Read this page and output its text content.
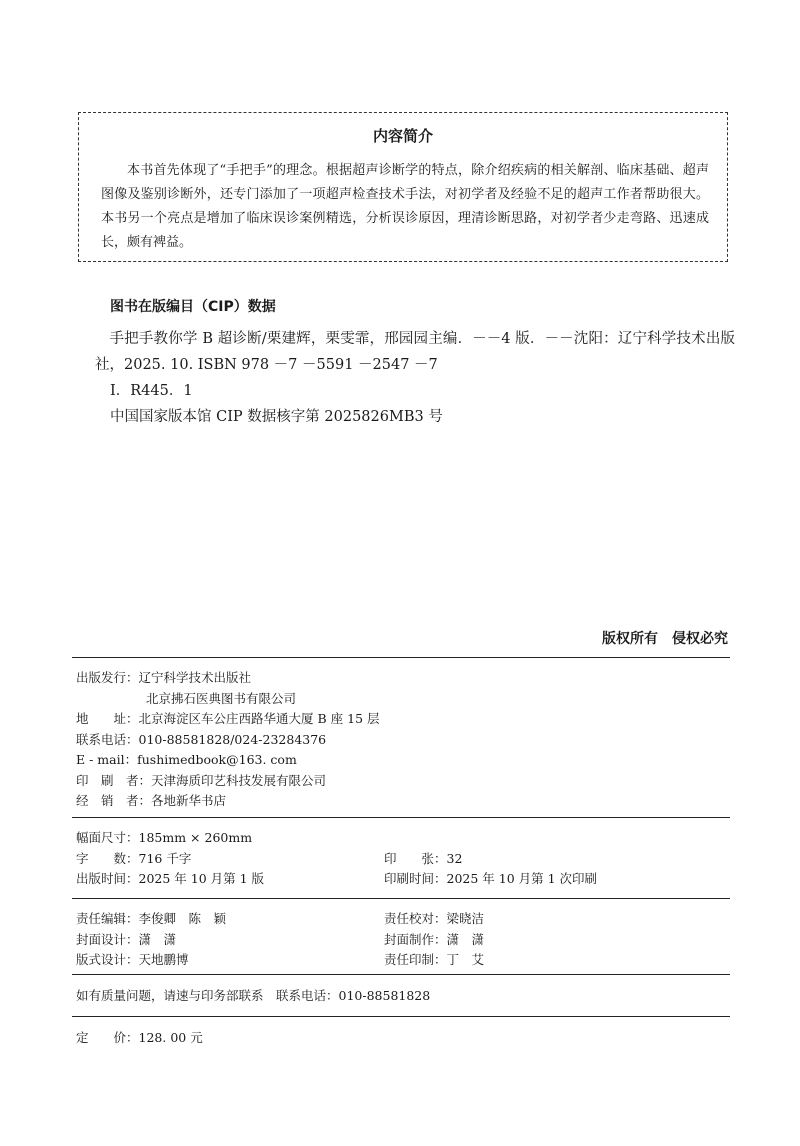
内容简介
本书首先体现了“手把手”的理念。根据超声诊断学的特点，除介绍疾病的相关解剖、临床基础、超声图像及鉴别诊断外，还专门添加了一项超声检查技术手法，对初学者及经验不足的超声工作者帮助很大。本书另一个亮点是增加了临床误诊案例精选，分析误诊原因，理清诊断思路，对初学者少走弯路、迅速成长，颇有裨益。
图书在版编目（CIP）数据
手把手教你学 B 超诊断/栗建辉，栗雯霏，邢园园主编．－－4 版．－－沈阳：辽宁科学技术出版社，2025. 10. ISBN 978 －7 －5591 －2547 －7
Ⅰ．R445．1
中国国家版本馆 CIP 数据核字第 2025826MB3 号
版权所有　侵权必究
出版发行：辽宁科学技术出版社
北京拂石医典图书有限公司
地　　址：北京海淀区车公庄西路华通大厦 B 座 15 层
联系电话：010-88581828/024-23284376
E - mail：fushimedbook@163. com
印　刷　者：天津海质印艺科技发展有限公司
经　销　者：各地新华书店
幅面尺寸：185mm × 260mm
字　　数：716 千字
出版时间：2025 年 10 月第 1 版
印　　张：32
印刷时间：2025 年 10 月第 1 次印刷
责任编辑：李俊卿　陈　颖
封面设计：潇　潇
版式设计：天地鹏博
责任校对：梁晓洁
封面制作：潇　潇
责任印制：丁　艾
如有质量问题，请速与印务部联系　联系电话：010-88581828
定　　价：128. 00 元
